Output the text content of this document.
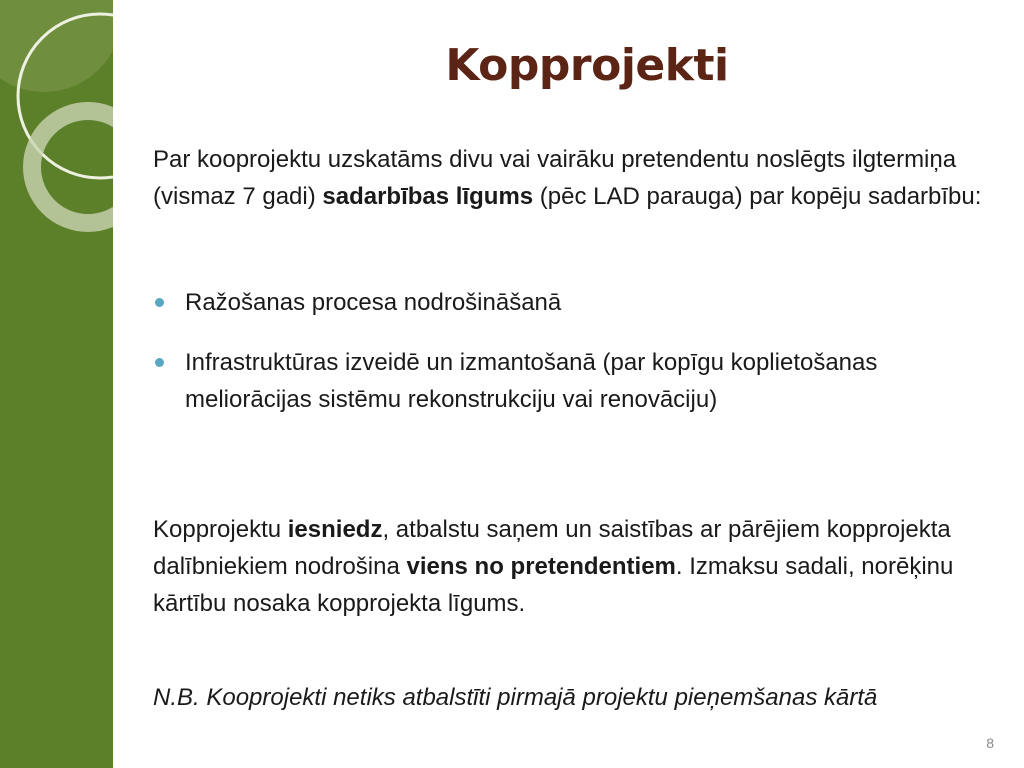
Kopprojekti

Par kooprojektu uzskatāms divu vai vairāku pretendentu noslēgts ilgtermiņa (vismaz 7 gadi) sadarbības līgums (pēc LAD parauga) par kopēju sadarbību:

Ražošanas procesa nodrošināšanā
Infrastruktūras izveidē un izmantošanā (par kopīgu koplietošanas meliorācijas sistēmu rekonstrukciju vai renovāciju)

Kopprojektu iesniedz, atbalstu saņem un saistības ar pārējiem kopprojekta dalībniekiem nodrošina viens no pretendentiem. Izmaksu sadali, norēķinu kārtību nosaka kopprojekta līgums.

N.B. Kooprojekti netiks atbalstīti pirmajā projektu pieņemšanas kārtā

8
